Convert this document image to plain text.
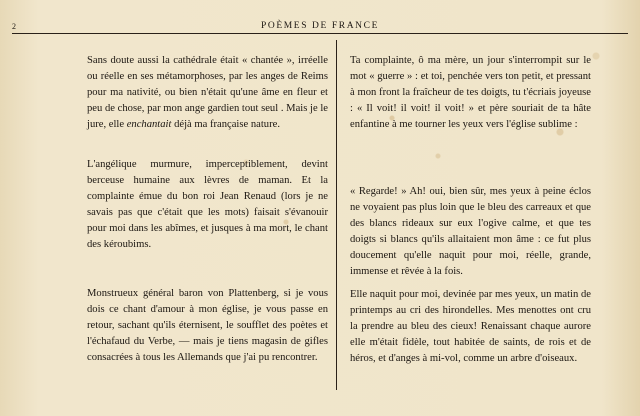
2	POÈMES DE FRANCE

Sans doute aussi la cathédrale était « chantée », irréelle ou réelle en ses métamorphoses, par les anges de Reims pour ma nativité, ou bien n'était qu'une âme en fleur et peu de chose, par mon ange gardien tout seul . Mais je le jure, elle enchantait déjà ma française nature.

L'angélique murmure, imperceptiblement, devint berceuse humaine aux lèvres de maman. Et la complainte émue du bon roi Jean Renaud (lors je ne savais pas que c'était que les mots) faisait s'évanouir pour moi dans les abîmes, et jusques à ma mort, le chant des kéroubims.

Monstrueux général baron von Plattenberg, si je vous dois ce chant d'amour à mon église, je vous passe en retour, sachant qu'ils éternisent, le soufflet des poètes et l'échafaud du Verbe, — mais je tiens magasin de gifles consacrées à tous les Allemands que j'ai pu rencontrer.

Ta complainte, ô ma mère, un jour s'interrompit sur le mot « guerre » : et toi, penchée vers ton petit, et pressant à mon front la fraîcheur de tes doigts, tu t'écriais joyeuse : « Il voit! il voit! il voit! » et père souriait de ta hâte enfantine à me tourner les yeux vers l'église sublime :

« Regarde! » Ah! oui, bien sûr, mes yeux à peine éclos ne voyaient pas plus loin que le bleu des carreaux et que des blancs rideaux sur eux l'ogive calme, et que tes doigts si blancs qu'ils allaitaient mon âme : ce fut plus doucement qu'elle naquit pour moi, réelle, grande, immense et rêvée à la fois.

Elle naquit pour moi, devinée par mes yeux, un matin de printemps au cri des hirondelles. Mes menottes ont cru la prendre au bleu des cieux! Renaissant chaque aurore elle m'était fidèle, tout habitée de saints, de rois et de héros, et d'anges à mi-vol, comme un arbre d'oiseaux.
